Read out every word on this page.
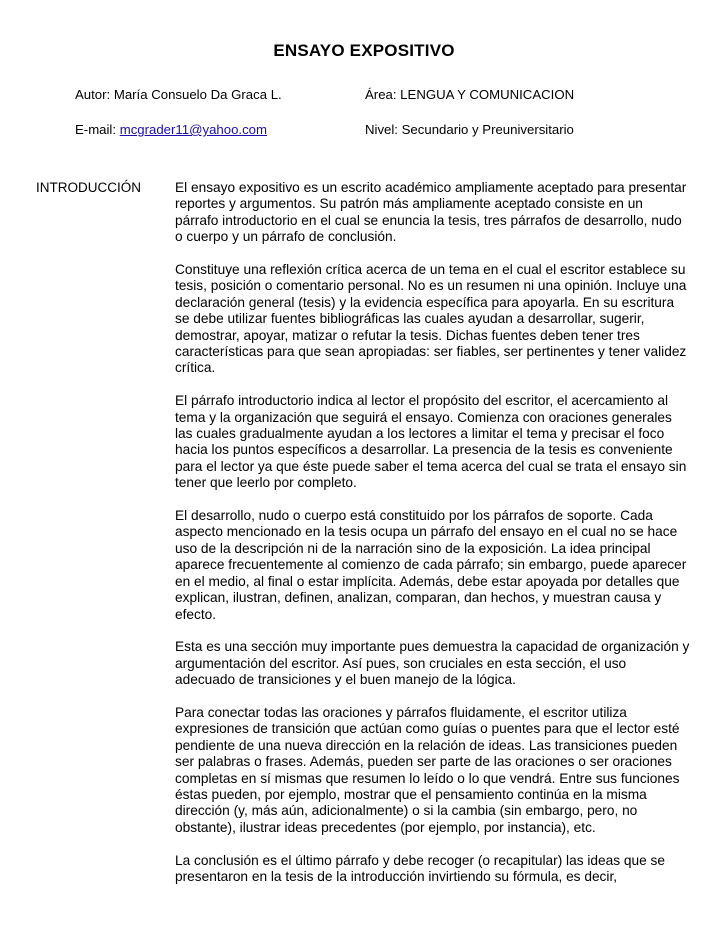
ENSAYO EXPOSITIVO
Autor: María Consuelo Da Graca L.	Área: LENGUA Y COMUNICACION
E-mail: mcgrader11@yahoo.com	Nivel: Secundario y Preuniversitario
INTRODUCCIÓN El ensayo expositivo es un escrito académico ampliamente aceptado para presentar reportes y argumentos. Su patrón más ampliamente aceptado consiste en un párrafo introductorio en el cual se enuncia la tesis, tres párrafos de desarrollo, nudo o cuerpo y un párrafo de conclusión.

Constituye una reflexión crítica acerca de un tema en el cual el escritor establece su tesis, posición o comentario personal. No es un resumen ni una opinión. Incluye una declaración general (tesis) y la evidencia específica para apoyarla. En su escritura se debe utilizar fuentes bibliográficas las cuales ayudan a desarrollar, sugerir, demostrar, apoyar, matizar o refutar la tesis. Dichas fuentes deben tener tres características para que sean apropiadas: ser fiables, ser pertinentes y tener validez crítica.

El párrafo introductorio indica al lector el propósito del escritor, el acercamiento al tema y la organización que seguirá el ensayo. Comienza con oraciones generales las cuales gradualmente ayudan a los lectores a limitar el tema y precisar el foco hacia los puntos específicos a desarrollar. La presencia de la tesis es conveniente para el lector ya que éste puede saber el tema acerca del cual se trata el ensayo sin tener que leerlo por completo.

El desarrollo, nudo o cuerpo está constituido por los párrafos de soporte. Cada aspecto mencionado en la tesis ocupa un párrafo del ensayo en el cual no se hace uso de la descripción ni de la narración sino de la exposición. La idea principal aparece frecuentemente al comienzo de cada párrafo; sin embargo, puede aparecer en el medio, al final o estar implícita. Además, debe estar apoyada por detalles que explican, ilustran, definen, analizan, comparan, dan hechos, y muestran causa y efecto.

Esta es una sección muy importante pues demuestra la capacidad de organización y argumentación del escritor. Así pues, son cruciales en esta sección, el uso adecuado de transiciones y el buen manejo de la lógica.

Para conectar todas las oraciones y párrafos fluidamente, el escritor utiliza expresiones de transición que actúan como guías o puentes para que el lector esté pendiente de una nueva dirección en la relación de ideas. Las transiciones pueden ser palabras o frases. Además, pueden ser parte de las oraciones o ser oraciones completas en sí mismas que resumen lo leído o lo que vendrá. Entre sus funciones éstas pueden, por ejemplo, mostrar que el pensamiento continúa en la misma dirección (y, más aún, adicionalmente) o si la cambia (sin embargo, pero, no obstante), ilustrar ideas precedentes (por ejemplo, por instancia), etc.

La conclusión es el último párrafo y debe recoger (o recapitular) las ideas que se presentaron en la tesis de la introducción invirtiendo su fórmula, es decir,
